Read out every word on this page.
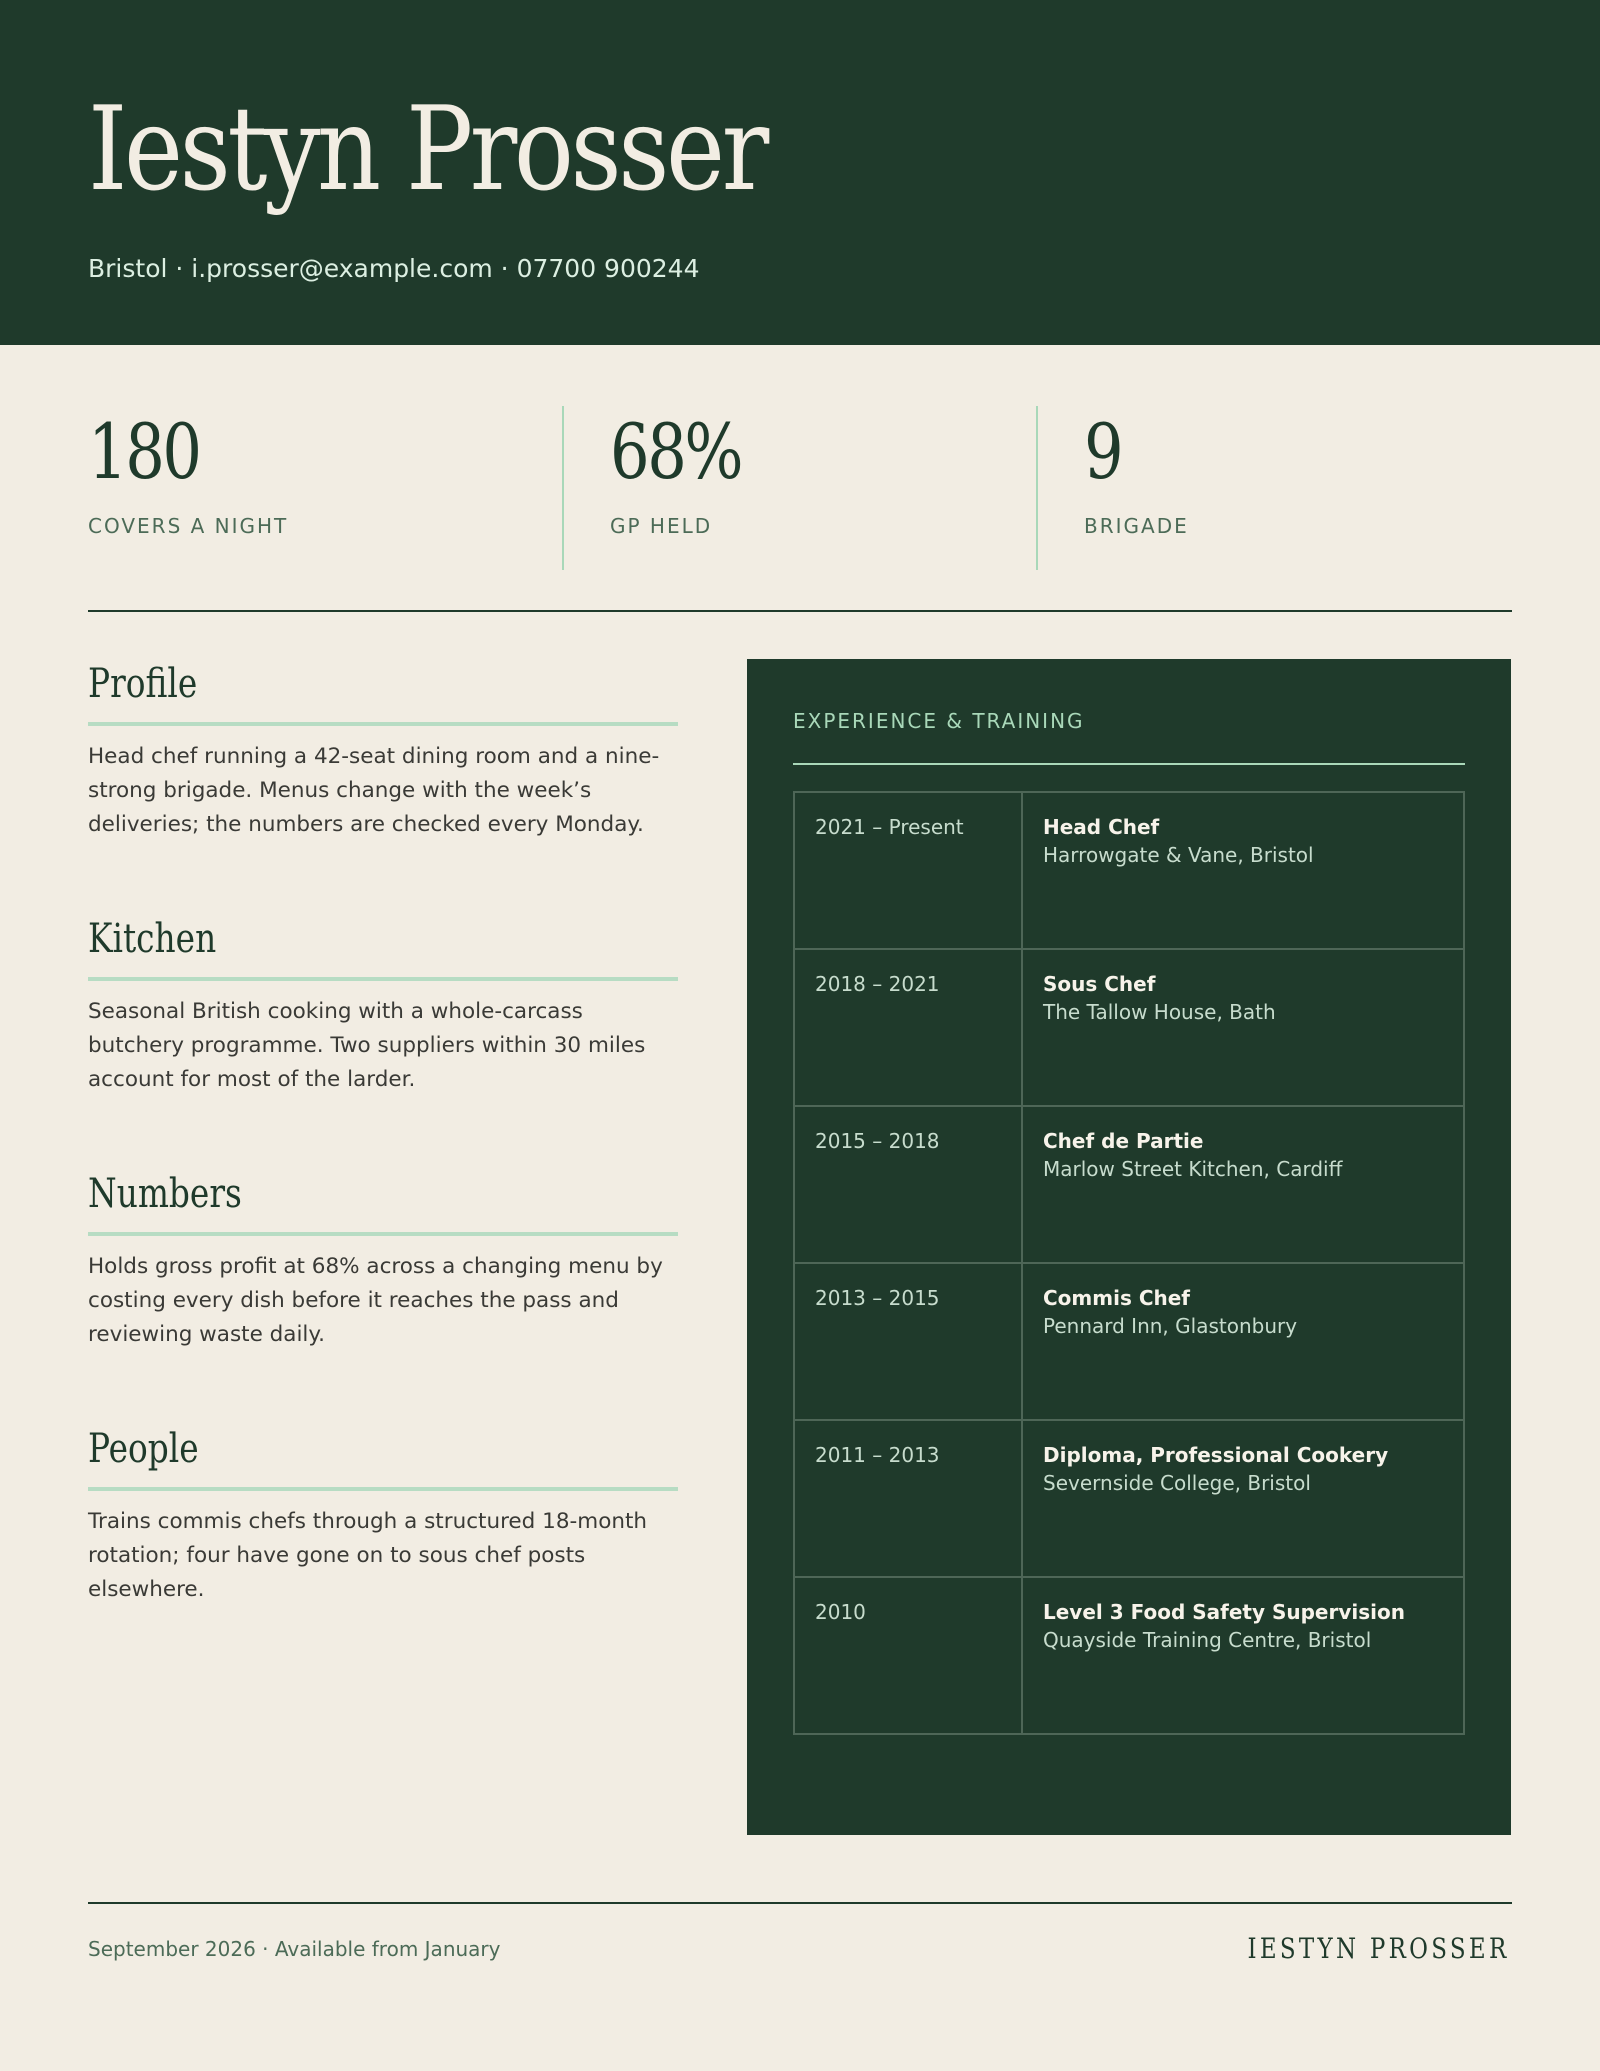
Iestyn Prosser
Bristol · i.prosser@example.com · 07700 900244
180
COVERS A NIGHT
68%
GP HELD
9
BRIGADE
Profile
Head chef running a 42-seat dining room and a nine-strong brigade. Menus change with the week’s deliveries; the numbers are checked every Monday.
Kitchen
Seasonal British cooking with a whole-carcass butchery programme. Two suppliers within 30 miles account for most of the larder.
Numbers
Holds gross profit at 68% across a changing menu by costing every dish before it reaches the pass and reviewing waste daily.
People
Trains commis chefs through a structured 18-month rotation; four have gone on to sous chef posts elsewhere.
EXPERIENCE & TRAINING
2021 – Present	Head Chef
Harrowgate & Vane, Bristol
2018 – 2021	Sous Chef
The Tallow House, Bath
2015 – 2018	Chef de Partie
Marlow Street Kitchen, Cardiff
2013 – 2015	Commis Chef
Pennard Inn, Glastonbury
2011 – 2013	Diploma, Professional Cookery
Severnside College, Bristol
2010	Level 3 Food Safety Supervision
Quayside Training Centre, Bristol
September 2026 · Available from January	IESTYN PROSSER
